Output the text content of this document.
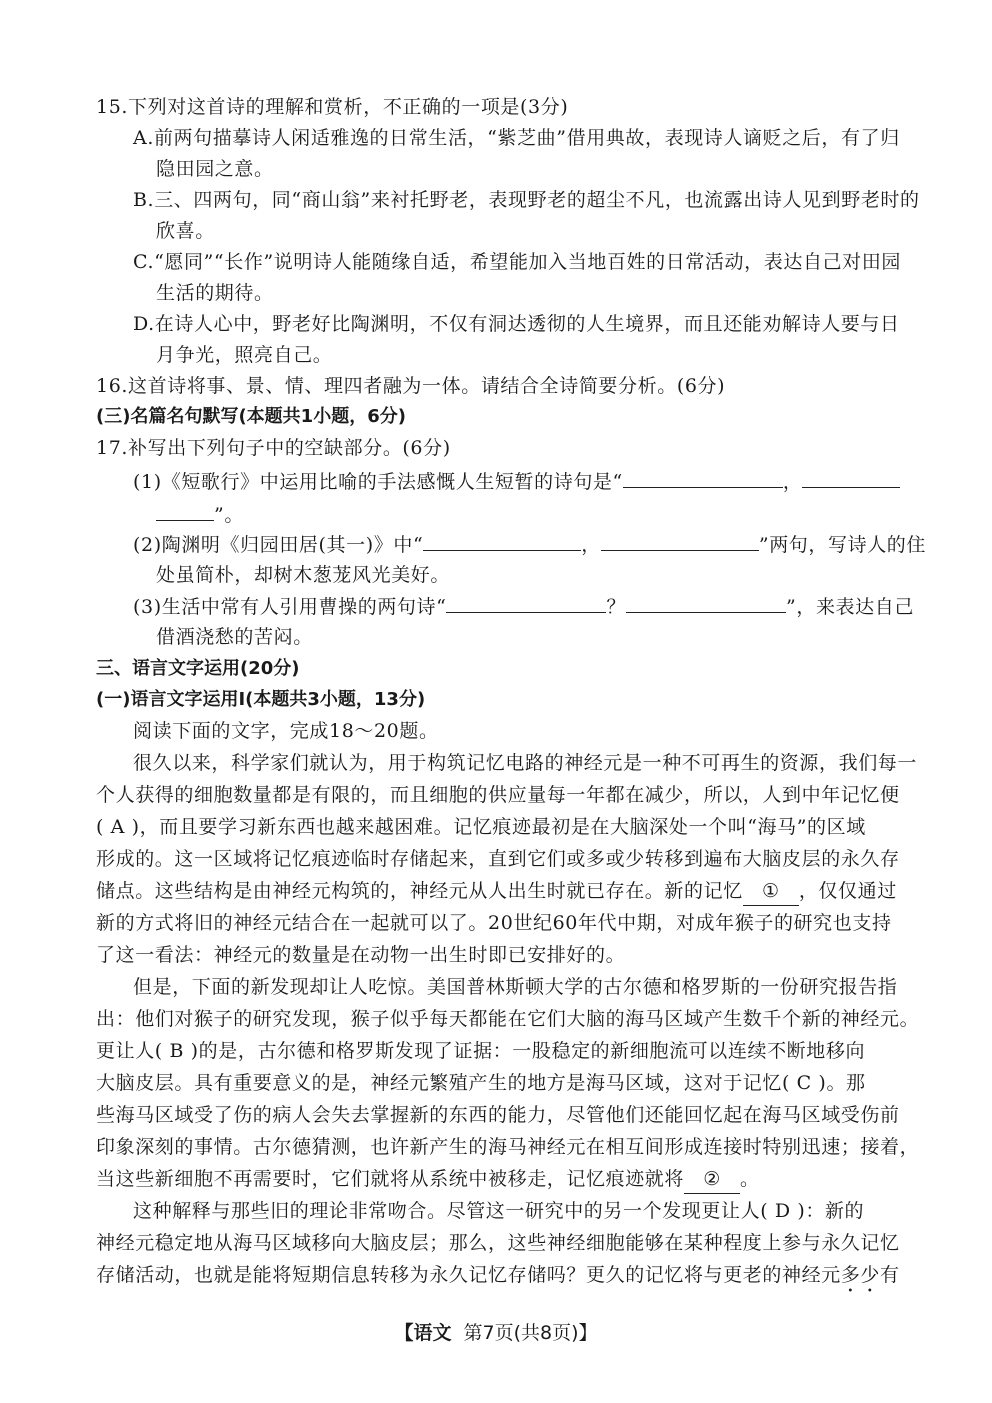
15.下列对这首诗的理解和赏析，不正确的一项是(3分)
A.前两句描摹诗人闲适雅逸的日常生活，“紫芝曲”借用典故，表现诗人谪贬之后，有了归
隐田园之意。
B.三、四两句，同“商山翁”来衬托野老，表现野老的超尘不凡，也流露出诗人见到野老时的
欣喜。
C.“愿同”“长作”说明诗人能随缘自适，希望能加入当地百姓的日常活动，表达自己对田园
生活的期待。
D.在诗人心中，野老好比陶渊明，不仅有洞达透彻的人生境界，而且还能劝解诗人要与日
月争光，照亮自己。
16.这首诗将事、景、情、理四者融为一体。请结合全诗简要分析。(6分)
(三)名篇名句默写(本题共1小题，6分)
17.补写出下列句子中的空缺部分。(6分)
(1)《短歌行》中运用比喻的手法感慨人生短暂的诗句是“	，
”。
(2)陶渊明《归园田居(其一)》中“	，	”两句，写诗人的住
处虽简朴，却树木葱茏风光美好。
(3)生活中常有人引用曹操的两句诗“	？	”，来表达自己
借酒浇愁的苦闷。
三、语言文字运用(20分)
(一)语言文字运用Ⅰ(本题共3小题，13分)
阅读下面的文字，完成18～20题。
很久以来，科学家们就认为，用于构筑记忆电路的神经元是一种不可再生的资源，我们每一
个人获得的细胞数量都是有限的，而且细胞的供应量每一年都在减少，所以，人到中年记忆便
( A )，而且要学习新东西也越来越困难。记忆痕迹最初是在大脑深处一个叫“海马”的区域
形成的。这一区域将记忆痕迹临时存储起来，直到它们或多或少转移到遍布大脑皮层的永久存
储点。这些结构是由神经元构筑的，神经元从人出生时就已存在。新的记忆 ① ，仅仅通过
新的方式将旧的神经元结合在一起就可以了。20世纪60年代中期，对成年猴子的研究也支持
了这一看法：神经元的数量是在动物一出生时即已安排好的。
但是，下面的新发现却让人吃惊。美国普林斯顿大学的古尔德和格罗斯的一份研究报告指
出：他们对猴子的研究发现，猴子似乎每天都能在它们大脑的海马区域产生数千个新的神经元。
更让人( B )的是，古尔德和格罗斯发现了证据：一股稳定的新细胞流可以连续不断地移向
大脑皮层。具有重要意义的是，神经元繁殖产生的地方是海马区域，这对于记忆( C )。那
些海马区域受了伤的病人会失去掌握新的东西的能力，尽管他们还能回忆起在海马区域受伤前
印象深刻的事情。古尔德猜测，也许新产生的海马神经元在相互间形成连接时特别迅速；接着，
当这些新细胞不再需要时，它们就将从系统中被移走，记忆痕迹就将 ② 。
这种解释与那些旧的理论非常吻合。尽管这一研究中的另一个发现更让人( D )：新的
神经元稳定地从海马区域移向大脑皮层；那么，这些神经细胞能够在某种程度上参与永久记忆
存储活动，也就是能将短期信息转移为永久记忆存储吗？更久的记忆将与更老的神经元多少有
【语文 第7页(共8页)】
